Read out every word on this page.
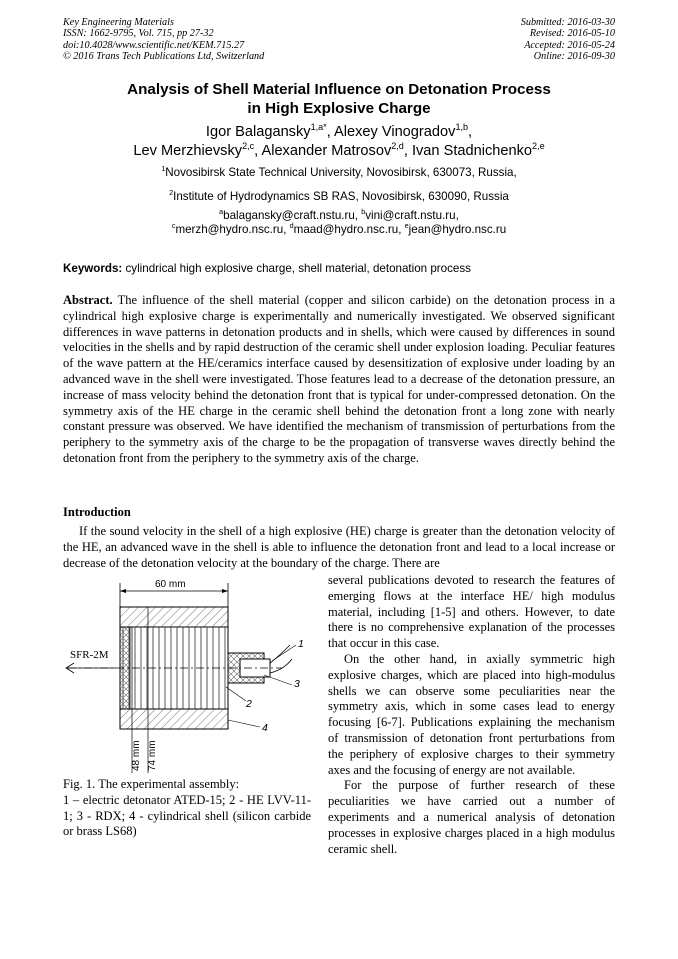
Key Engineering Materials
ISSN: 1662-9795, Vol. 715, pp 27-32
doi:10.4028/www.scientific.net/KEM.715.27
© 2016 Trans Tech Publications Ltd, Switzerland
Submitted: 2016-03-30
Revised: 2016-05-10
Accepted: 2016-05-24
Online: 2016-09-30
Analysis of Shell Material Influence on Detonation Process
in High Explosive Charge
Igor Balagansky$^{1,a*}$, Alexey Vinogradov$^{1,b}$,
Lev Merzhievsky$^{2,c}$, Alexander Matrosov$^{2,d}$, Ivan Stadnichenko$^{2,e}$
$^1$Novosibirsk State Technical University, Novosibirsk, 630073, Russia,
$^2$Institute of Hydrodynamics SB RAS, Novosibirsk, 630090, Russia
$^a$balagansky@craft.nstu.ru, $^b$vini@craft.nstu.ru,
$^c$merzh@hydro.nsc.ru, $^d$maad@hydro.nsc.ru, $^e$jean@hydro.nsc.ru
Keywords: cylindrical high explosive charge, shell material, detonation process
Abstract. The influence of the shell material (copper and silicon carbide) on the detonation process in a cylindrical high explosive charge is experimentally and numerically investigated. We observed significant differences in wave patterns in detonation products and in shells, which were caused by differences in sound velocities in the shells and by rapid destruction of the ceramic shell under explosion loading. Peculiar features of the wave pattern at the HE/ceramics interface caused by desensitization of explosive under loading by an advanced wave in the shell were investigated. Those features lead to a decrease of the detonation pressure, an increase of mass velocity behind the detonation front that is typical for under-compressed detonation. On the symmetry axis of the HE charge in the ceramic shell behind the detonation front a long zone with nearly constant pressure was observed. We have identified the mechanism of transmission of perturbations from the periphery to the symmetry axis of the charge to be the propagation of transverse waves directly behind the detonation front from the periphery to the symmetry axis of the charge.
Introduction
If the sound velocity in the shell of a high explosive (HE) charge is greater than the detonation velocity of the HE, an advanced wave in the shell is able to influence the detonation front and lead to a local increase or decrease of the detonation velocity at the boundary of the charge. There are

several publications devoted to research the features of emerging flows at the interface HE/ high modulus material, including [1-5] and others. However, to date there is no comprehensive explanation of the processes that occur in this case.

On the other hand, in axially symmetric high explosive charges, which are placed into high-modulus shells we can observe some peculiarities near the symmetry axis, which in some cases lead to energy focusing [6-7]. Publications explaining the mechanism of transmission of detonation front perturbations from the periphery of explosive charges to their symmetry axes and the focusing of energy are not available.

For the purpose of further research of these peculiarities we have carried out a number of experiments and a numerical analysis of detonation processes in explosive charges placed in a high modulus ceramic shell.

60 mm
1
3
2
4
SFR-2M
48 mm 74 mm
Fig. 1. The experimental assembly:
1 – electric detonator ATED-15; 2 - HE LVV-11-1; 3 - RDX; 4 - cylindrical shell (silicon carbide or brass LS68)
